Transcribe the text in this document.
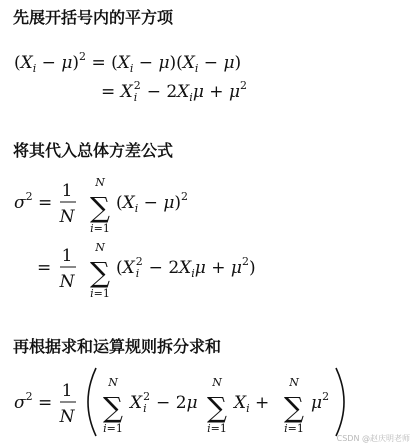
先展开括号内的平方项
将其代入总体方差公式
再根据求和运算规则拆分求和
$(X_i - \mu)^2 = (X_i - \mu)(X_i - \mu)$
= $X^2$ $i - 2X_i\mu + \mu^2$
$\sigma^2$ =
1
N
N
∑
i=1
$(X_i - \mu)^2$
=
1
N
N
∑
i=1
($X^2$ $i - 2X_i\mu + \mu^2$)
$\sigma^2$ =
1
N
N
∑
i=1
$X^2$ i − 2μ
N
∑
i=1
$X_i$ +
N
∑
i=1
$\mu^2$
CSDN @赵庆明老师
